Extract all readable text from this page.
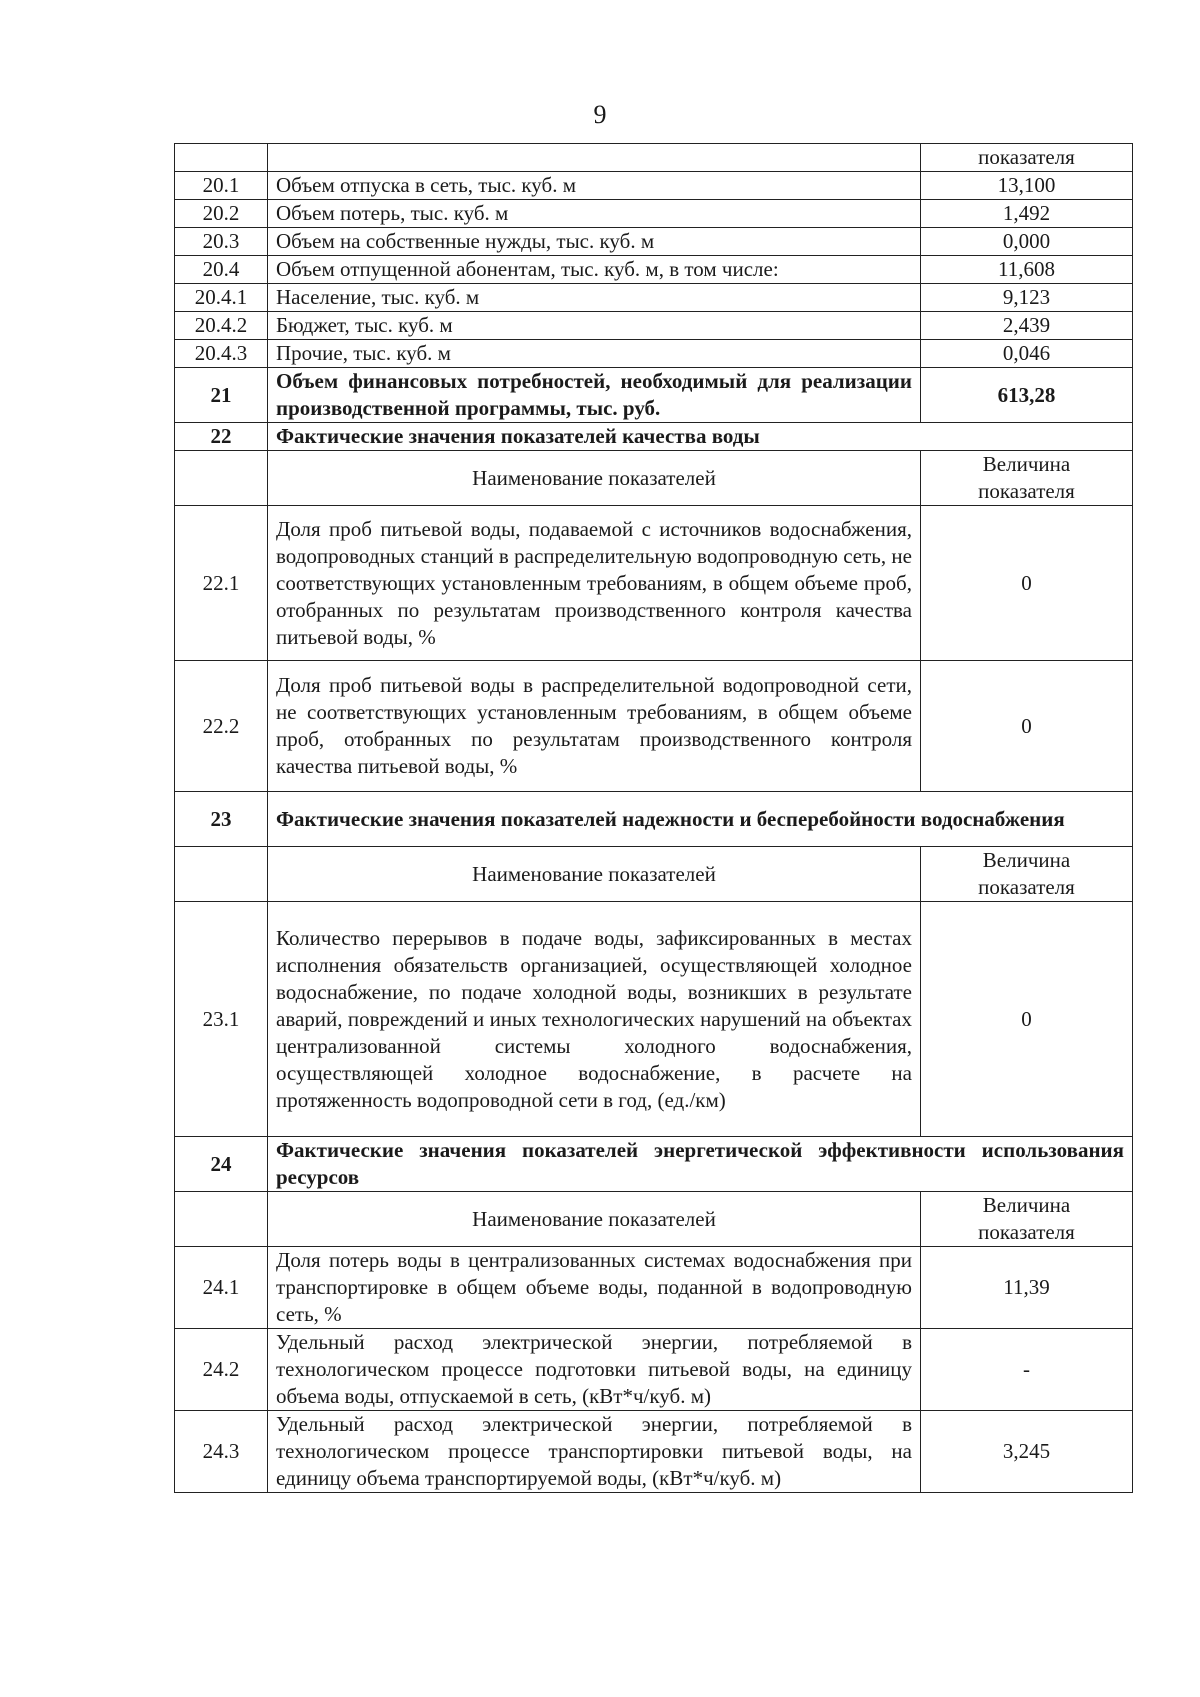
9
		показателя
20.1	Объем отпуска в сеть, тыс. куб. м	13,100
20.2	Объем потерь, тыс. куб. м	1,492
20.3	Объем на собственные нужды, тыс. куб. м	0,000
20.4	Объем отпущенной абонентам, тыс. куб. м, в том числе:	11,608
20.4.1	Население, тыс. куб. м	9,123
20.4.2	Бюджет, тыс. куб. м	2,439
20.4.3	Прочие, тыс. куб. м	0,046
21	Объем финансовых потребностей, необходимый для реализации производственной программы, тыс. руб.	613,28
22	Фактические значения показателей качества воды	
	Наименование показателей	Величина
показателя
22.1	Доля проб питьевой воды, подаваемой с источников водоснабжения, водопроводных станций в распределительную водопроводную сеть, не соответствующих установленным требованиям, в общем объеме проб, отобранных по результатам производственного контроля качества питьевой воды, %	0
22.2	Доля проб питьевой воды в распределительной водопроводной сети, не соответствующих установленным требованиям, в общем объеме проб, отобранных по результатам производственного контроля качества питьевой воды, %	0
23	Фактические значения показателей надежности и бесперебойности водоснабжения	
	Наименование показателей	Величина
показателя
23.1	Количество перерывов в подаче воды, зафиксированных в местах исполнения обязательств организацией, осуществляющей холодное водоснабжение, по подаче холодной воды, возникших в результате аварий, повреждений и иных технологических нарушений на объектах централизованной системы холодного водоснабжения, осуществляющей холодное водоснабжение, в расчете на протяженность водопроводной сети в год, (ед./км)	0
24	Фактические значения показателей энергетической эффективности использования ресурсов	
	Наименование показателей	Величина
показателя
24.1	Доля потерь воды в централизованных системах водоснабжения при транспортировке в общем объеме воды, поданной в водопроводную сеть, %	11,39
24.2	Удельный расход электрической энергии, потребляемой в технологическом процессе подготовки питьевой воды, на единицу объема воды, отпускаемой в сеть, (кВт*ч/куб. м)	-
24.3	Удельный расход электрической энергии, потребляемой в технологическом процессе транспортировки питьевой воды, на единицу объема транспортируемой воды, (кВт*ч/куб. м)	3,245
